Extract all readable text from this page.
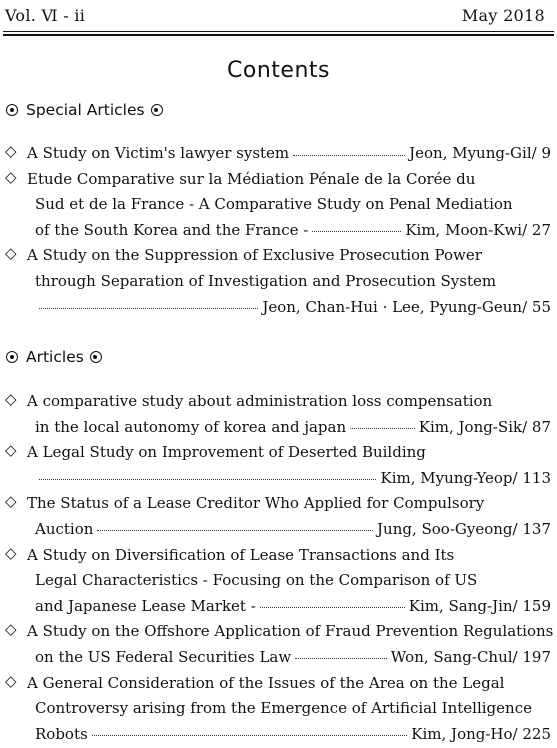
Vol. Ⅵ - ii	May 2018
Contents
Special Articles
◇ A Study on Victim's lawyer system	Jeon, Myung-Gil/ 9
◇ Etude Comparative sur la Médiation Pénale de la Corée du
Sud et de la France - A Comparative Study on Penal Mediation
of the South Korea and the France -	Kim, Moon-Kwi/ 27
◇ A Study on the Suppression of Exclusive Prosecution Power
through Separation of Investigation and Prosecution System
Jeon, Chan-Hui · Lee, Pyung-Geun/ 55
Articles
◇ A comparative study about administration loss compensation
in the local autonomy of korea and japan	Kim, Jong-Sik/ 87
◇ A Legal Study on Improvement of Deserted Building
Kim, Myung-Yeop/ 113
◇ The Status of a Lease Creditor Who Applied for Compulsory
Auction	Jung, Soo-Gyeong/ 137
◇ A Study on Diversification of Lease Transactions and Its
Legal Characteristics - Focusing on the Comparison of US
and Japanese Lease Market -	Kim, Sang-Jin/ 159
◇ A Study on the Offshore Application of Fraud Prevention Regulations
on the US Federal Securities Law	Won, Sang-Chul/ 197
◇ A General Consideration of the Issues of the Area on the Legal
Controversy arising from the Emergence of Artificial Intelligence
Robots	Kim, Jong-Ho/ 225
